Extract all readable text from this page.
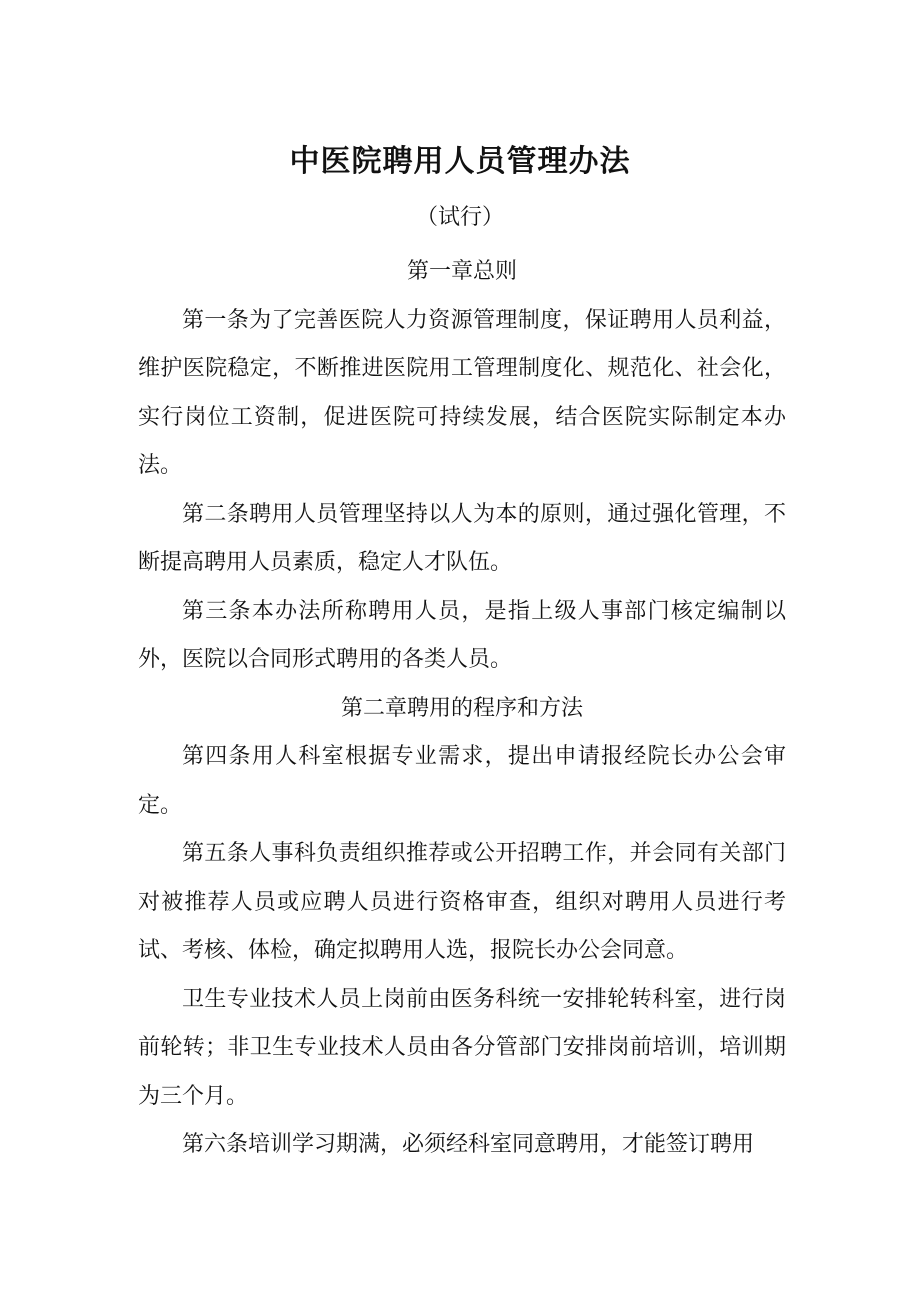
中医院聘用人员管理办法
（试行）

第一章总则

第一条为了完善医院人力资源管理制度，保证聘用人员利益，维护医院稳定，不断推进医院用工管理制度化、规范化、社会化，实行岗位工资制，促进医院可持续发展，结合医院实际制定本办法。

第二条聘用人员管理坚持以人为本的原则，通过强化管理，不断提高聘用人员素质，稳定人才队伍。

第三条本办法所称聘用人员，是指上级人事部门核定编制以外，医院以合同形式聘用的各类人员。

第二章聘用的程序和方法

第四条用人科室根据专业需求，提出申请报经院长办公会审定。

第五条人事科负责组织推荐或公开招聘工作，并会同有关部门对被推荐人员或应聘人员进行资格审查，组织对聘用人员进行考试、考核、体检，确定拟聘用人选，报院长办公会同意。

卫生专业技术人员上岗前由医务科统一安排轮转科室，进行岗前轮转；非卫生专业技术人员由各分管部门安排岗前培训，培训期为三个月。

第六条培训学习期满，必须经科室同意聘用，才能签订聘用
